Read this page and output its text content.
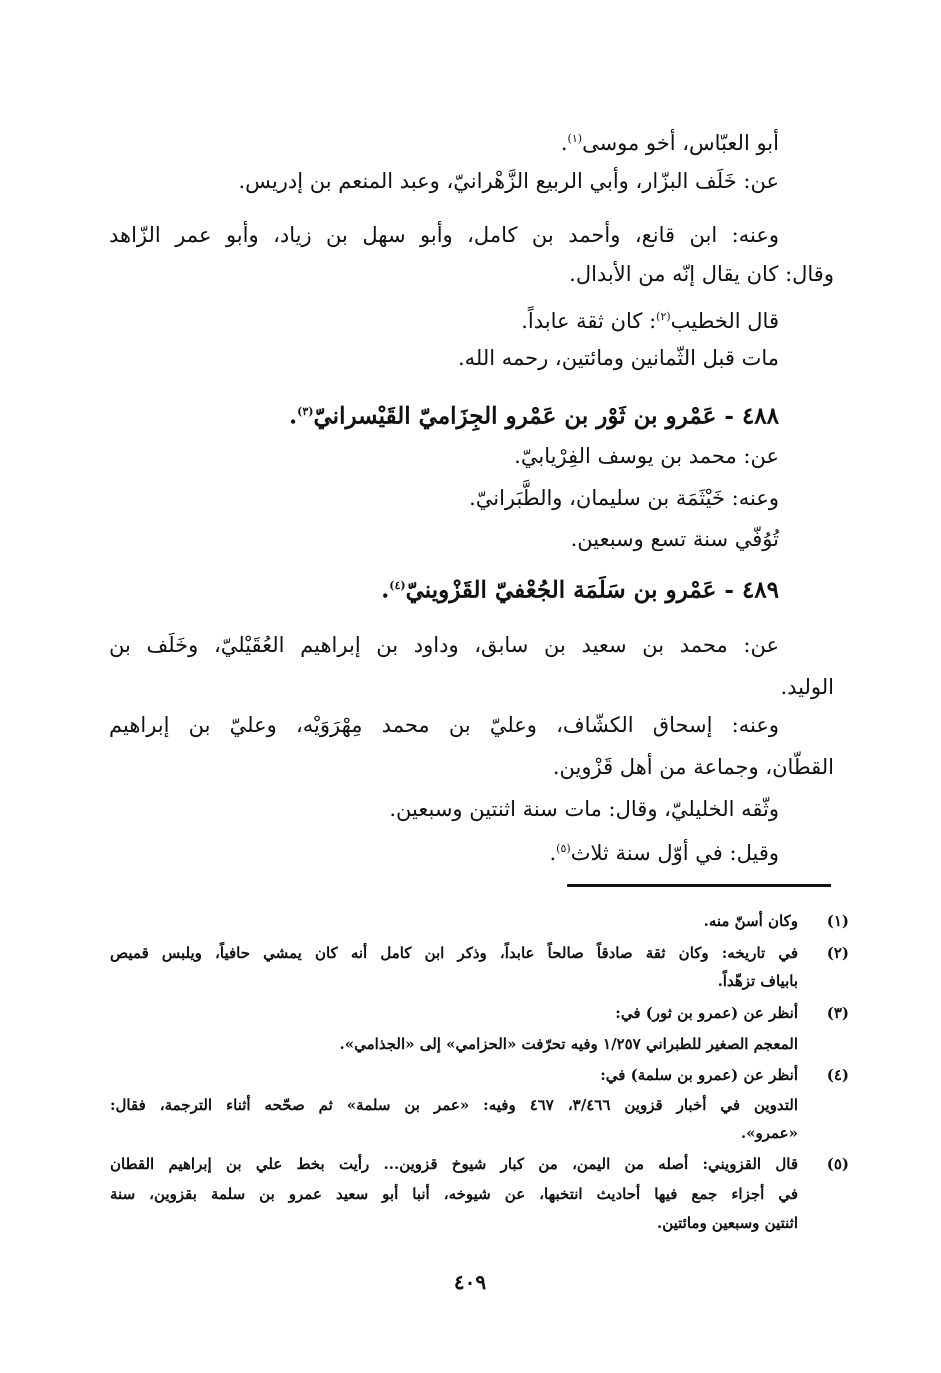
أبو العبّاس، أخو موسى$^{(١)}$.
عن: خَلَف البزّار، وأبي الربيع الزَّهْرانيّ، وعبد المنعم بن إدريس.
وعنه: ابن قانع، وأحمد بن كامل، وأبو سهل بن زياد، وأبو عمر الزّاهد
وقال: كان يقال إنّه من الأبدال.
قال الخطيب$^{(٢)}$: كان ثقة عابداً.
مات قبل الثّمانين ومائتين، رحمه الله.
٤٨٨ - عَمْرو بن ثَوْر بن عَمْرو الجِزَاميّ القَيْسرانيّ$^{(٣)}$.
عن: محمد بن يوسف الفِرْيابيّ.
وعنه: خَيْثَمَة بن سليمان، والطَّبَرانيّ.
تُوُفّي سنة تسع وسبعين.
٤٨٩ - عَمْرو بن سَلَمَة الجُعْفيّ القَزْوينيّ$^{(٤)}$.
عن: محمد بن سعيد بن سابق، وداود بن إبراهيم العُقَيْليّ، وخَلَف بن
الوليد.
وعنه: إسحاق الكشّاف، وعليّ بن محمد مِهْرَوَيْه، وعليّ بن إبراهيم
القطّان، وجماعة من أهل قَزْوين.
وثّقه الخليليّ، وقال: مات سنة اثنتين وسبعين.
وقيل: في أوّل سنة ثلاث$^{(٥)}$.
(١)
وكان أسنّ منه.
(٢)
في تاريخه: وكان ثقة صادقاً صالحاً عابداً، وذكر ابن كامل أنه كان يمشي حافياً، ويلبس قميص
بابياف تزهّداً.
(٣)
أنظر عن (عمرو بن ثور) في:
المعجم الصغير للطبراني ١/٢٥٧ وفيه تحرّفت «الحزامي» إلى «الجذامي».
(٤)
أنظر عن (عمرو بن سلمة) في:
التدوين في أخبار قزوين ٣/٤٦٦، ٤٦٧ وفيه: «عمر بن سلمة» ثم صحّحه أثناء الترجمة، فقال:
«عمرو».
(٥)
قال القزويني: أصله من اليمن، من كبار شيوخ قزوين... رأيت بخط علي بن إبراهيم القطان
في أجزاء جمع فيها أحاديث انتخبها، عن شيوخه، أنبا أبو سعيد عمرو بن سلمة بقزوين، سنة
اثنتين وسبعين ومائتين.
٤٠٩
